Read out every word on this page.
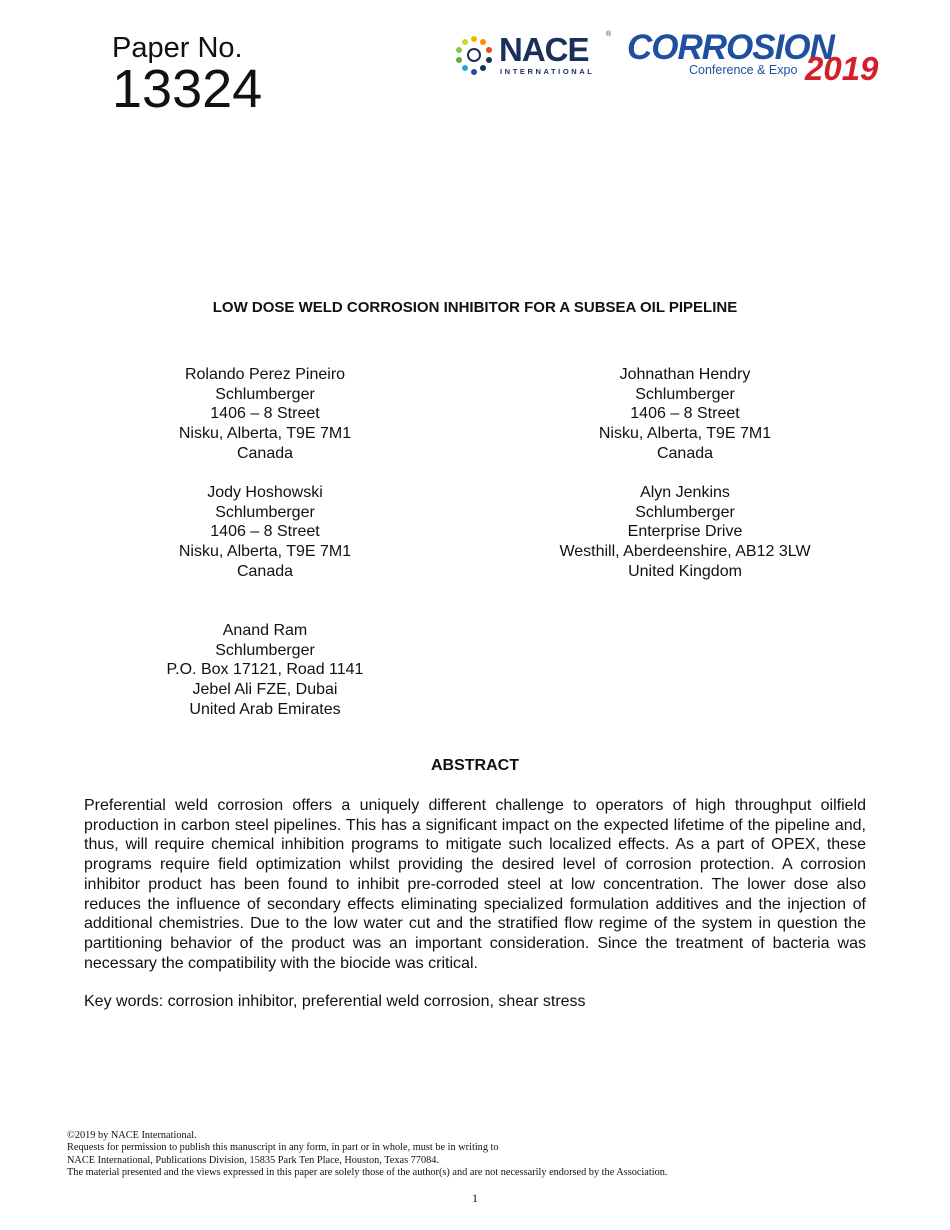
Paper No.
13324
NACE ®
INTERNATIONAL
CORROSION
Conference & Expo 2019
LOW DOSE WELD CORROSION INHIBITOR FOR A SUBSEA OIL PIPELINE
Rolando Perez Pineiro
Schlumberger
1406 – 8 Street
Nisku, Alberta, T9E 7M1
Canada
Johnathan Hendry
Schlumberger
1406 – 8 Street
Nisku, Alberta, T9E 7M1
Canada
Jody Hoshowski
Schlumberger
1406 – 8 Street
Nisku, Alberta, T9E 7M1
Canada
Alyn Jenkins
Schlumberger
Enterprise Drive
Westhill, Aberdeenshire, AB12 3LW
United Kingdom
Anand Ram
Schlumberger
P.O. Box 17121, Road 1141
Jebel Ali FZE, Dubai
United Arab Emirates
ABSTRACT

Preferential weld corrosion offers a uniquely different challenge to operators of high throughput oilfield production in carbon steel pipelines. This has a significant impact on the expected lifetime of the pipeline and, thus, will require chemical inhibition programs to mitigate such localized effects. As a part of OPEX, these programs require field optimization whilst providing the desired level of corrosion protection. A corrosion inhibitor product has been found to inhibit pre-corroded steel at low concentration. The lower dose also reduces the influence of secondary effects eliminating specialized formulation additives and the injection of additional chemistries. Due to the low water cut and the stratified flow regime of the system in question the partitioning behavior of the product was an important consideration. Since the treatment of bacteria was necessary the compatibility with the biocide was critical.

Key words: corrosion inhibitor, preferential weld corrosion, shear stress
©2019 by NACE International.
Requests for permission to publish this manuscript in any form, in part or in whole, must be in writing to
NACE International, Publications Division, 15835 Park Ten Place, Houston, Texas 77084.
The material presented and the views expressed in this paper are solely those of the author(s) and are not necessarily endorsed by the Association.
1
